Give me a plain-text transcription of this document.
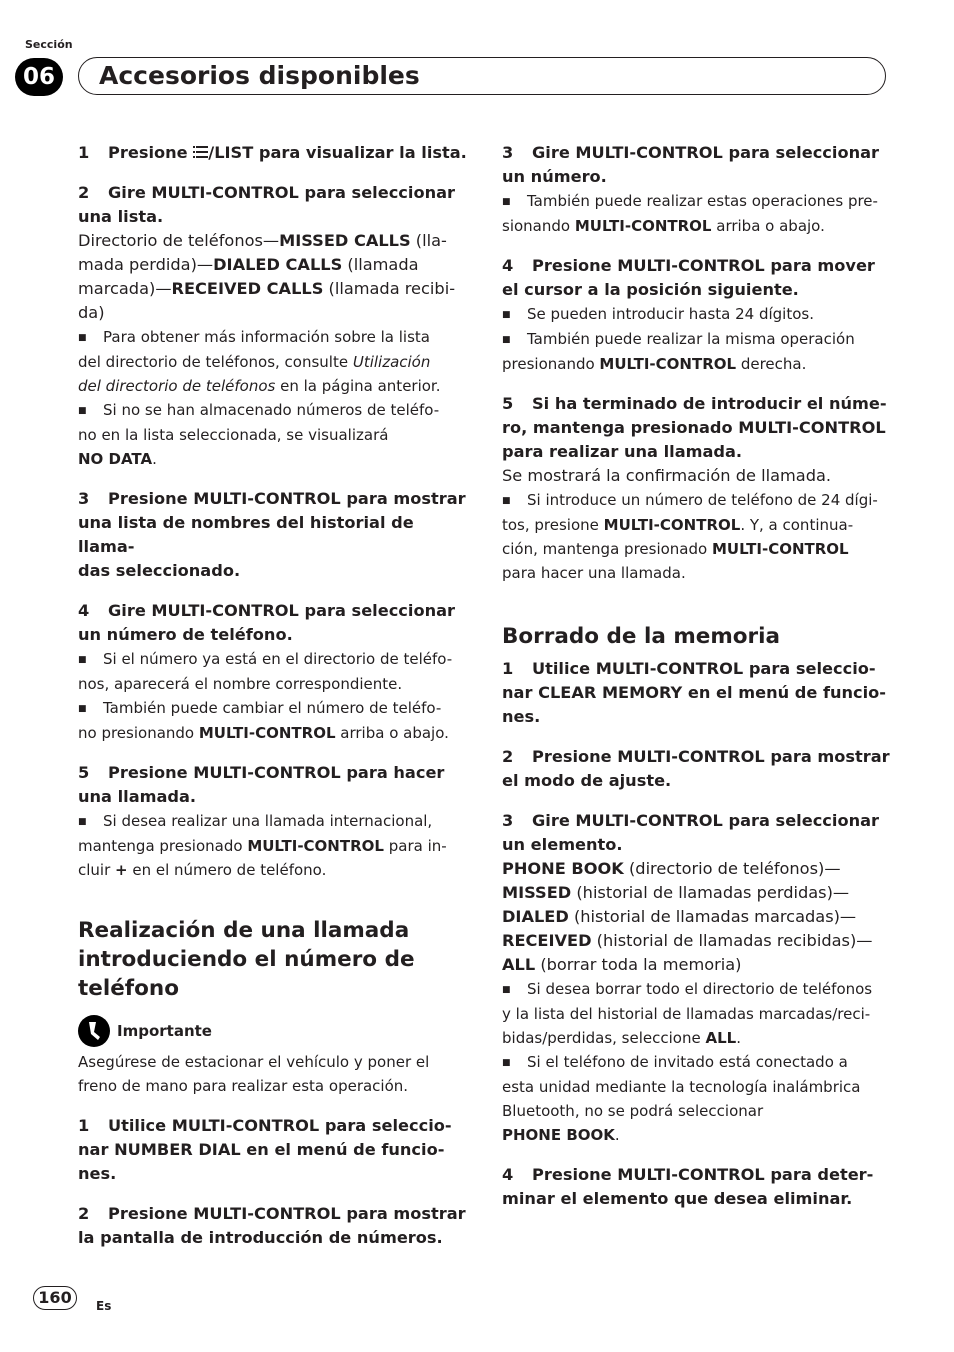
Sección
06	Accesorios disponibles

1 Presione /LIST para visualizar la lista.

2 Gire MULTI-CONTROL para seleccionar
una lista.

Directorio de teléfonos—MISSED CALLS (lla-
mada perdida)—DIALED CALLS (llamada
marcada)—RECEIVED CALLS (llamada recibi-
da)

■ Para obtener más información sobre la lista
del directorio de teléfonos, consulte Utilización
del directorio de teléfonos en la página anterior.

■ Si no se han almacenado números de teléfo-
no en la lista seleccionada, se visualizará
NO DATA.

3 Presione MULTI-CONTROL para mostrar
una lista de nombres del historial de llama-
das seleccionado.

4 Gire MULTI-CONTROL para seleccionar
un número de teléfono.

■ Si el número ya está en el directorio de teléfo-
nos, aparecerá el nombre correspondiente.

■ También puede cambiar el número de teléfo-
no presionando MULTI-CONTROL arriba o abajo.

5 Presione MULTI-CONTROL para hacer
una llamada.

■ Si desea realizar una llamada internacional,
mantenga presionado MULTI-CONTROL para in-
cluir + en el número de teléfono.

Realización de una llamada
introduciendo el número de
teléfono

Importante

Asegúrese de estacionar el vehículo y poner el
freno de mano para realizar esta operación.

1 Utilice MULTI-CONTROL para seleccio-
nar NUMBER DIAL en el menú de funcio-
nes.

2 Presione MULTI-CONTROL para mostrar
la pantalla de introducción de números.

3 Gire MULTI-CONTROL para seleccionar
un número.

■ También puede realizar estas operaciones pre-
sionando MULTI-CONTROL arriba o abajo.

4 Presione MULTI-CONTROL para mover
el cursor a la posición siguiente.

■ Se pueden introducir hasta 24 dígitos.

■ También puede realizar la misma operación
presionando MULTI-CONTROL derecha.

5 Si ha terminado de introducir el núme-
ro, mantenga presionado MULTI-CONTROL
para realizar una llamada.

Se mostrará la confirmación de llamada.

■ Si introduce un número de teléfono de 24 dígi-
tos, presione MULTI-CONTROL. Y, a continua-
ción, mantenga presionado MULTI-CONTROL
para hacer una llamada.

Borrado de la memoria

1 Utilice MULTI-CONTROL para seleccio-
nar CLEAR MEMORY en el menú de funcio-
nes.

2 Presione MULTI-CONTROL para mostrar
el modo de ajuste.

3 Gire MULTI-CONTROL para seleccionar
un elemento.

PHONE BOOK (directorio de teléfonos)—
MISSED (historial de llamadas perdidas)—
DIALED (historial de llamadas marcadas)—
RECEIVED (historial de llamadas recibidas)—
ALL (borrar toda la memoria)

■ Si desea borrar todo el directorio de teléfonos
y la lista del historial de llamadas marcadas/reci-
bidas/perdidas, seleccione ALL.

■ Si el teléfono de invitado está conectado a
esta unidad mediante la tecnología inalámbrica
Bluetooth, no se podrá seleccionar
PHONE BOOK.

4 Presione MULTI-CONTROL para deter-
minar el elemento que desea eliminar.

160	Es
